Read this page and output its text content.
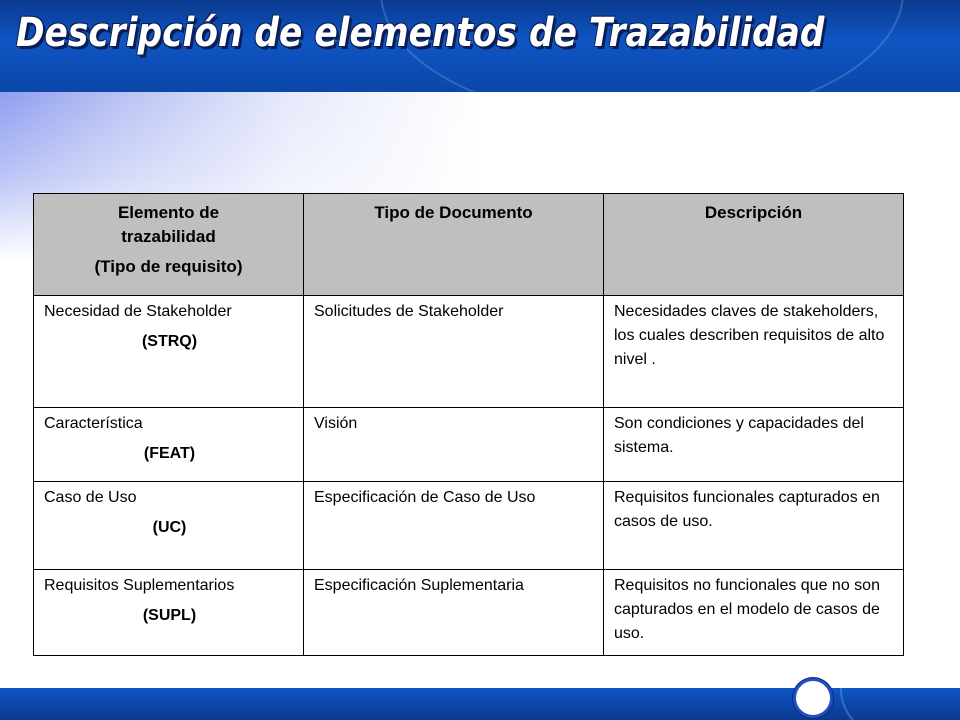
Descripción de elementos de Trazabilidad
Elemento de
trazabilidad
(Tipo de requisito)	Tipo de Documento	Descripción

Necesidad de Stakeholder
(STRQ)	Solicitudes de Stakeholder	Necesidades claves de stakeholders, los cuales describen requisitos de alto nivel .

Característica
(FEAT)	Visión	Son condiciones y capacidades del sistema.

Caso de Uso
(UC)	Especificación de Caso de Uso	Requisitos funcionales capturados en casos de uso.

Requisitos Suplementarios
(SUPL)	Especificación Suplementaria	Requisitos no funcionales que no son capturados en el modelo de casos de uso.
